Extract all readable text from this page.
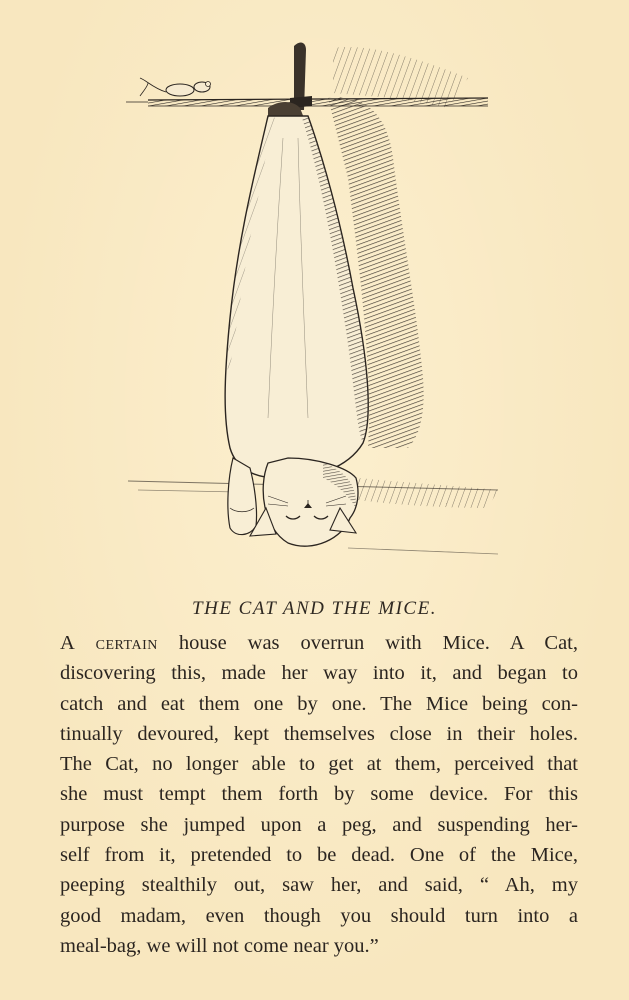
THE CAT AND THE MICE.
A certain house was overrun with Mice. A Cat,
discovering this, made her way into it, and began to
catch and eat them one by one. The Mice being con-
tinually devoured, kept themselves close in their holes.
The Cat, no longer able to get at them, perceived that
she must tempt them forth by some device. For this
purpose she jumped upon a peg, and suspending her-
self from it, pretended to be dead. One of the Mice,
peeping stealthily out, saw her, and said, “ Ah, my
good madam, even though you should turn into a
meal-bag, we will not come near you.”
